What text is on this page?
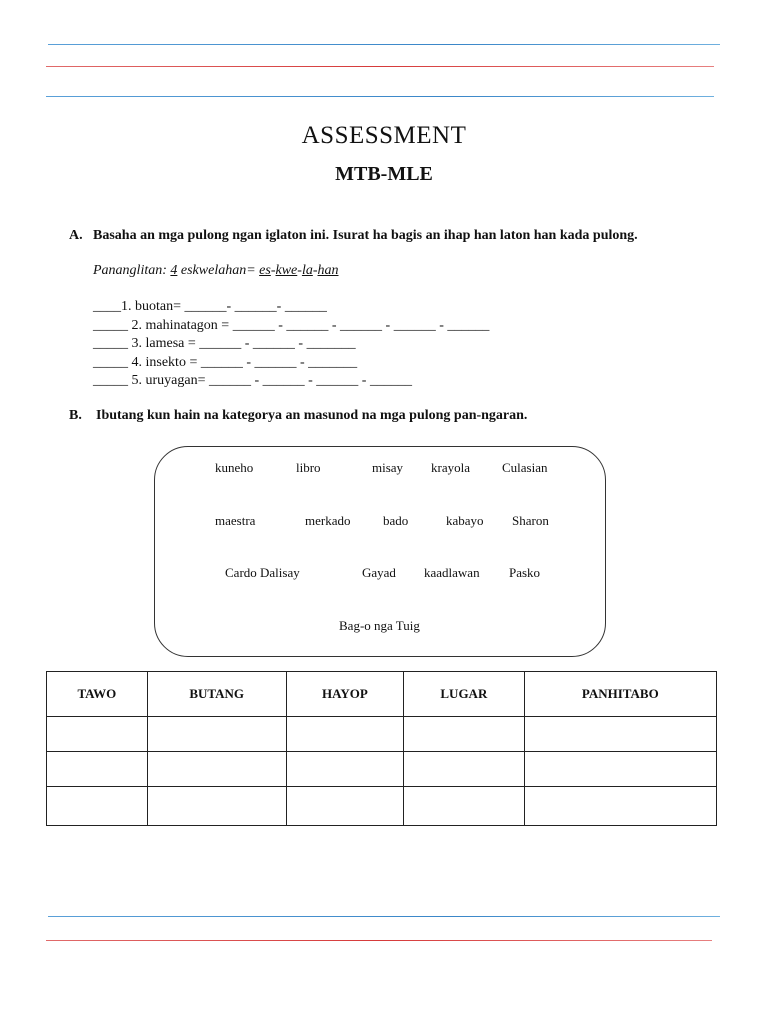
ASSESSMENT
MTB-MLE
A. Basaha an mga pulong ngan iglaton ini. Isurat ha bagis an ihap han laton han kada pulong.
Pananglitan: 4 eskwelahan= es-kwe-la-han
____1. buotan= ______- ______- ______
_____ 2. mahinatagon = ______ - ______ - ______ - ______ - ______
_____ 3. lamesa = ______ - ______ - _______
_____ 4. insekto = ______ - ______ - _______
_____ 5. uruyagan= ______ - ______ - ______ - ______
B. Ibutang kun hain na kategorya an masunod na mga pulong pan-ngaran.
kuneho	libro	misay krayola Culasian
maestra	merkado	bado	kabayo Sharon
Cardo Dalisay	Gayad kaadlawan Pasko
Bag-o nga Tuig
TAWO	BUTANG	HAYOP	LUGAR	PANHITABO
